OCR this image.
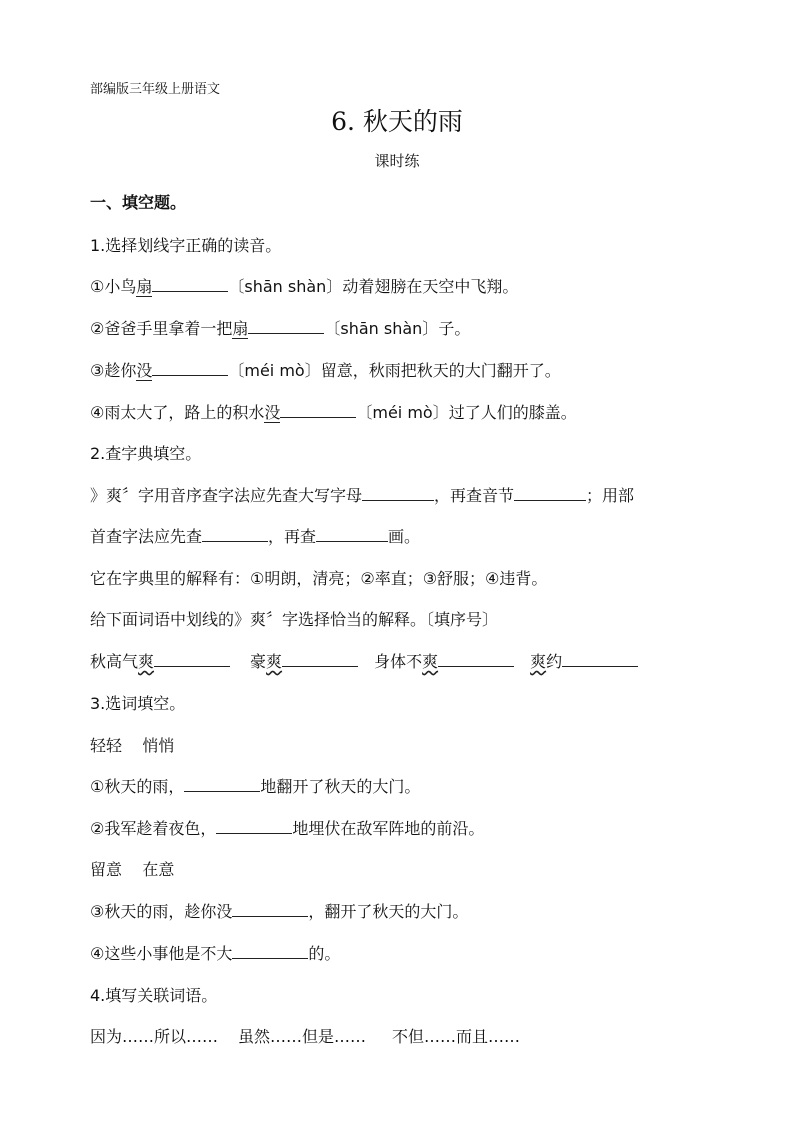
部编版三年级上册语文
6. 秋天的雨
课时练
一、填空题。
1.选择划线字正确的读音。
①小鸟扇	〔shān shàn〕动着翅膀在天空中飞翔。
②爸爸手里拿着一把扇	〔shān shàn〕子。
③趁你没	〔méi mò〕留意，秋雨把秋天的大门翻开了。
④雨太大了，路上的积水没	〔méi mò〕过了人们的膝盖。
2.查字典填空。
》爽〞字用音序查字法应先查大写字母	，再查音节	；用部
首查字法应先查	，再查	画。
它在字典里的解释有：①明朗，清亮；②率直；③舒服；④违背。
给下面词语中划线的》爽〞字选择恰当的解释。〔填序号〕
秋高气爽	豪爽	身体不爽	爽约
3.选词填空。
轻轻    悄悄
①秋天的雨，	地翻开了秋天的大门。
②我军趁着夜色，	地埋伏在敌军阵地的前沿。
留意    在意
③秋天的雨，趁你没	，翻开了秋天的大门。
④这些小事他是不大	的。
4.填写关联词语。
因为……所以…… 虽然……但是…… 不但……而且……
